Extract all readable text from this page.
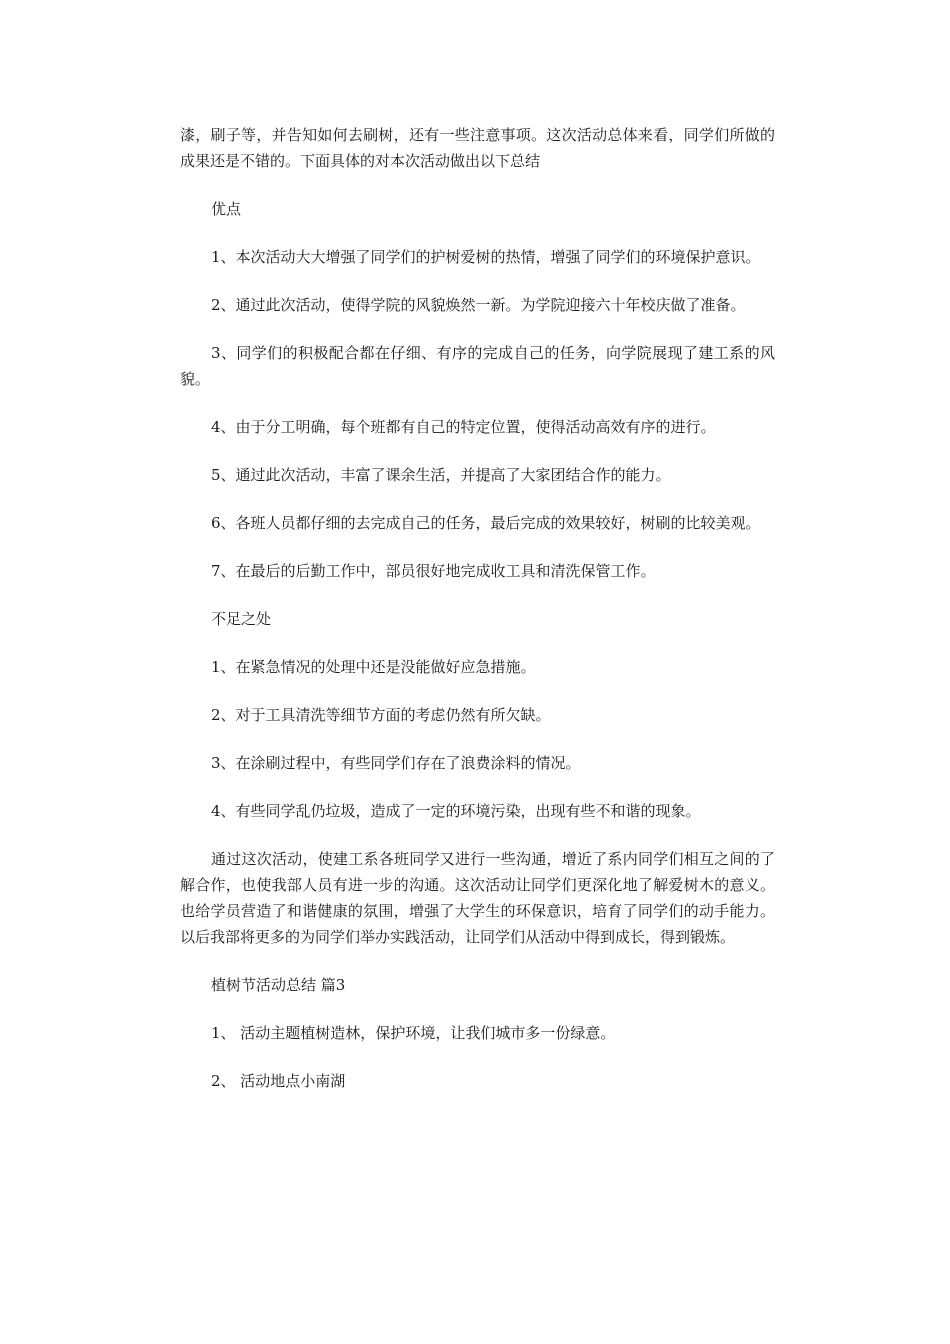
漆，刷子等，并告知如何去刷树，还有一些注意事项。这次活动总体来看，同学们所做的成果还是不错的。下面具体的对本次活动做出以下总结

优点

1、本次活动大大增强了同学们的护树爱树的热情，增强了同学们的环境保护意识。

2、通过此次活动，使得学院的风貌焕然一新。为学院迎接六十年校庆做了准备。

3、同学们的积极配合都在仔细、有序的完成自己的任务，向学院展现了建工系的风貌。

4、由于分工明确，每个班都有自己的特定位置，使得活动高效有序的进行。

5、通过此次活动，丰富了课余生活，并提高了大家团结合作的能力。

6、各班人员都仔细的去完成自己的任务，最后完成的效果较好，树刷的比较美观。

7、在最后的后勤工作中，部员很好地完成收工具和清洗保管工作。

不足之处

1、在紧急情况的处理中还是没能做好应急措施。

2、对于工具清洗等细节方面的考虑仍然有所欠缺。

3、在涂刷过程中，有些同学们存在了浪费涂料的情况。

4、有些同学乱仍垃圾，造成了一定的环境污染，出现有些不和谐的现象。

通过这次活动，使建工系各班同学又进行一些沟通，增近了系内同学们相互之间的了解合作，也使我部人员有进一步的沟通。这次活动让同学们更深化地了解爱树木的意义。也给学员营造了和谐健康的氛围，增强了大学生的环保意识，培育了同学们的动手能力。以后我部将更多的为同学们举办实践活动，让同学们从活动中得到成长，得到锻炼。

植树节活动总结 篇3

1、 活动主题植树造林，保护环境，让我们城市多一份绿意。

2、 活动地点小南湖
